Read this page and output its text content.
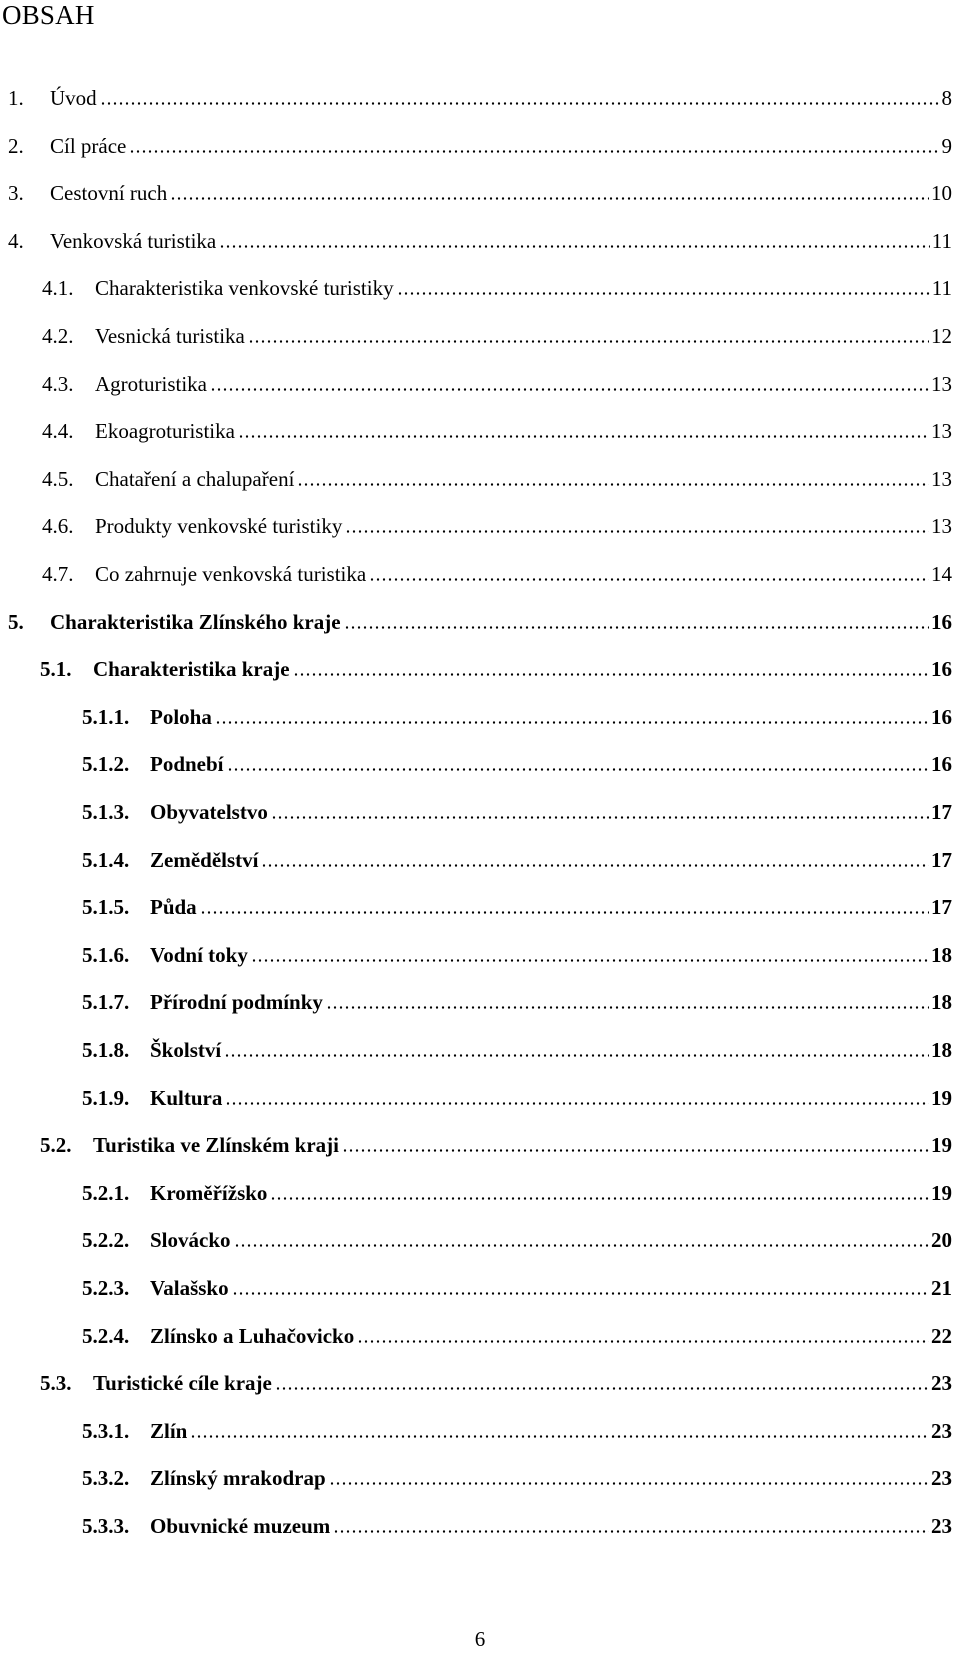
OBSAH
1.	Úvod	8
2.	Cíl práce	9
3.	Cestovní ruch	10
4.	Venkovská turistika	11
4.1.	Charakteristika venkovské turistiky	11
4.2.	Vesnická turistika	12
4.3.	Agroturistika	13
4.4.	Ekoagroturistika	13
4.5.	Chataření a chalupaření	13
4.6.	Produkty venkovské turistiky	13
4.7.	Co zahrnuje venkovská turistika	14
5.	Charakteristika Zlínského kraje	16
5.1.	Charakteristika kraje	16
5.1.1. Poloha	16
5.1.2. Podnebí	16
5.1.3. Obyvatelstvo	17
5.1.4. Zemědělství	17
5.1.5. Půda	17
5.1.6. Vodní toky	18
5.1.7. Přírodní podmínky	18
5.1.8. Školství	18
5.1.9. Kultura	19
5.2.	Turistika ve Zlínském kraji	19
5.2.1. Kroměřížsko	19
5.2.2. Slovácko	20
5.2.3. Valašsko	21
5.2.4. Zlínsko a Luhačovicko	22
5.3.	Turistické cíle kraje	23
5.3.1. Zlín	23
5.3.2. Zlínský mrakodrap	23
5.3.3. Obuvnické muzeum	23
6
